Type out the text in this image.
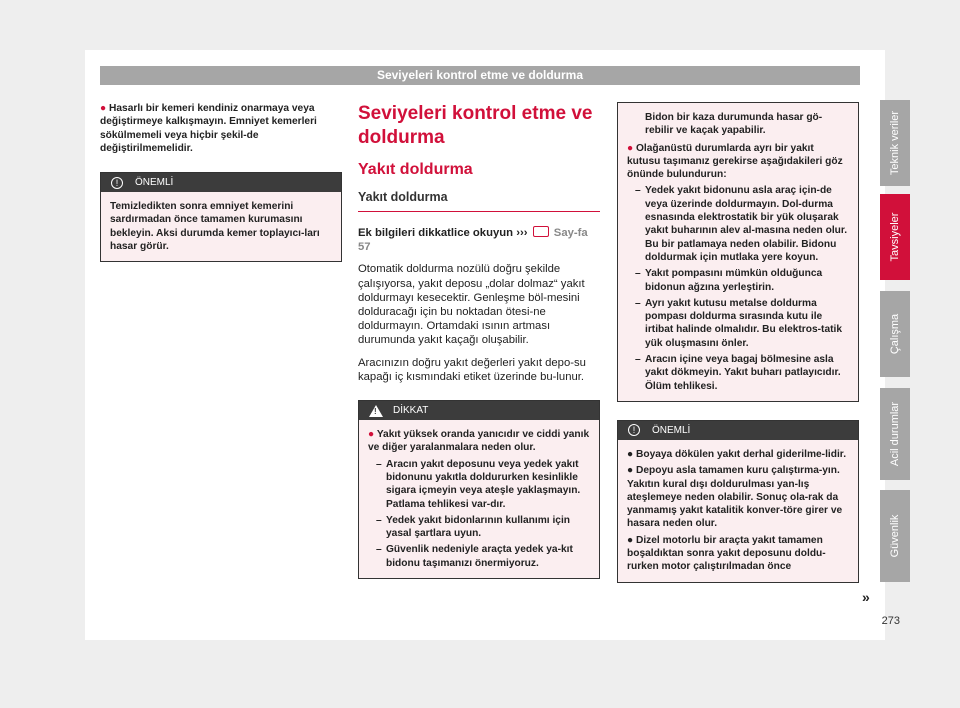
Seviyeleri kontrol etme ve doldurma
Teknik veriler
Tavsiyeler
Çalışma
Acil durumlar
Güvenlik
273
● Hasarlı bir kemeri kendiniz onarmaya veya değiştirmeye kalkışmayın. Emniyet kemerleri sökülmemeli veya hiçbir şekil-de değiştirilmemelidir.
!	ÖNEMLİ
Temizledikten sonra emniyet kemerini sardırmadan önce tamamen kurumasını bekleyin. Aksi durumda kemer toplayıcı-ları hasar görür.
Seviyeleri kontrol etme ve doldurma
Yakıt doldurma
Yakıt doldurma
Ek bilgileri dikkatlice okuyun ››› Say-fa 57
Otomatik doldurma nozülü doğru şekilde çalışıyorsa, yakıt deposu „dolar dolmaz“ yakıt doldurmayı kesecektir. Genleşme böl-mesini dolduracağı için bu noktadan ötesi-ne doldurmayın. Ortamdaki ısının artması durumunda yakıt kaçağı oluşabilir.
Aracınızın doğru yakıt değerleri yakıt depo-su kapağı iç kısmındaki etiket üzerinde bu-lunur.
! DİKKAT
● Yakıt yüksek oranda yanıcıdır ve ciddi yanık ve diğer yaralanmalara neden olur.
– Aracın yakıt deposunu veya yedek yakıt bidonunu yakıtla doldururken kesinlikle sigara içmeyin veya ateşle yaklaşmayın. Patlama tehlikesi var-dır.
– Yedek yakıt bidonlarının kullanımı için yasal şartlara uyun.
– Güvenlik nedeniyle araçta yedek ya-kıt bidonu taşımanızı önermiyoruz.
Bidon bir kaza durumunda hasar gö-rebilir ve kaçak yapabilir.
● Olağanüstü durumlarda ayrı bir yakıt kutusu taşımanız gerekirse aşağıdakileri göz önünde bulundurun:
– Yedek yakıt bidonunu asla araç için-de veya üzerinde doldurmayın. Dol-durma esnasında elektrostatik bir yük oluşarak yakıt buharının alev al-masına neden olur. Bu bir patlamaya neden olabilir. Bidonu doldurmak için mutlaka yere koyun.
– Yakıt pompasını mümkün olduğunca bidonun ağzına yerleştirin.
– Ayrı yakıt kutusu metalse doldurma pompası doldurma sırasında kutu ile irtibat halinde olmalıdır. Bu elektros-tatik yük oluşmasını önler.
– Aracın içine veya bagaj bölmesine asla yakıt dökmeyin. Yakıt buharı patlayıcıdır. Ölüm tehlikesi.
!	ÖNEMLİ
● Boyaya dökülen yakıt derhal giderilme-lidir.
● Depoyu asla tamamen kuru çalıştırma-yın. Yakıtın kural dışı doldurulması yan-lış ateşlemeye neden olabilir. Sonuç ola-rak da yanmamış yakıt katalitik konver-töre girer ve hasara neden olur.
● Dizel motorlu bir araçta yakıt tamamen boşaldıktan sonra yakıt deposunu doldu-rurken motor çalıştırılmadan önce
»
